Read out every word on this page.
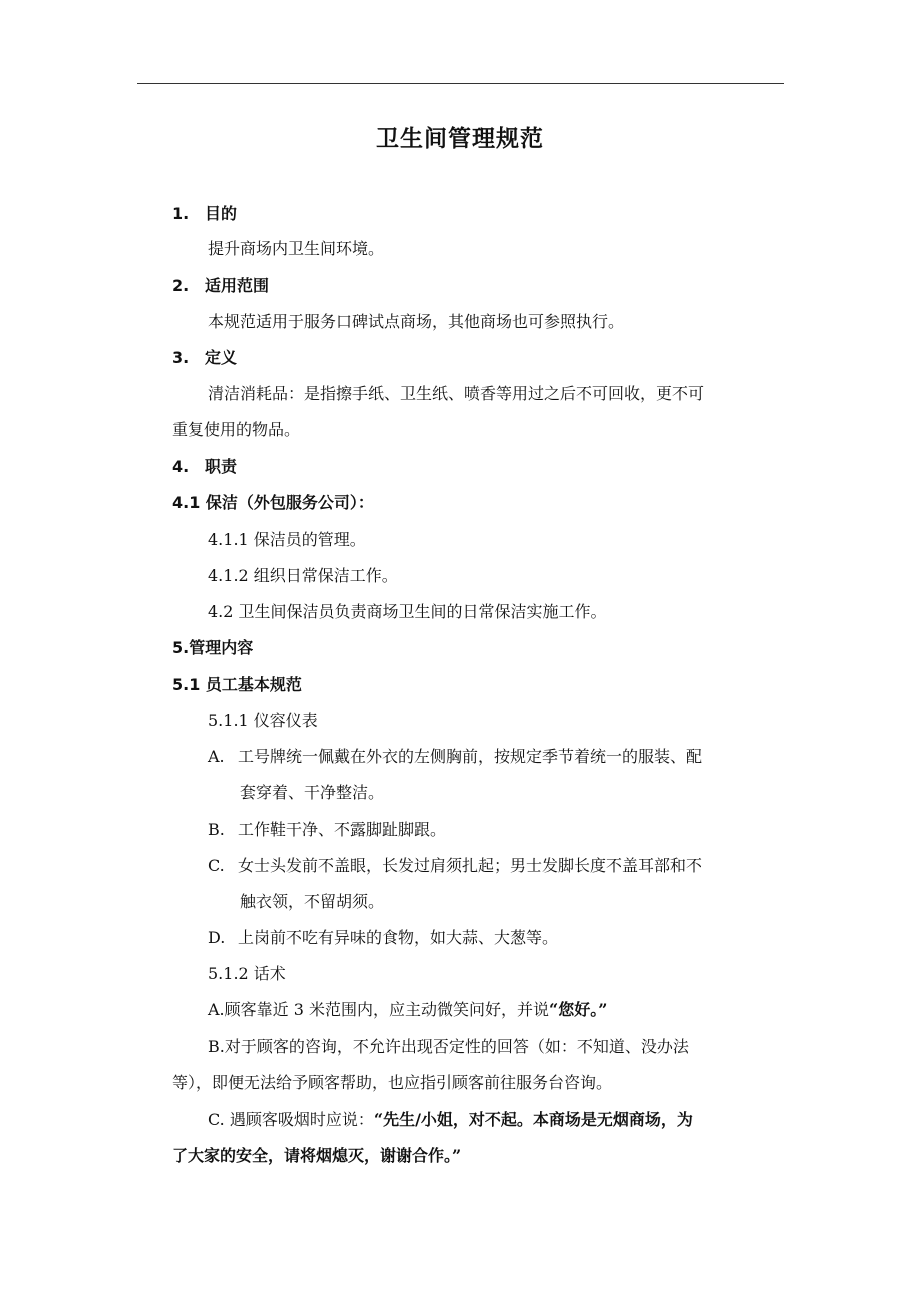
卫生间管理规范
1. 目的
提升商场内卫生间环境。
2. 适用范围
本规范适用于服务口碑试点商场，其他商场也可参照执行。
3. 定义
清洁消耗品：是指擦手纸、卫生纸、喷香等用过之后不可回收，更不可
重复使用的物品。
4. 职责
4.1 保洁（外包服务公司）：
4.1.1 保洁员的管理。
4.1.2 组织日常保洁工作。
4.2 卫生间保洁员负责商场卫生间的日常保洁实施工作。
5.管理内容
5.1 员工基本规范
5.1.1 仪容仪表
A. 工号牌统一佩戴在外衣的左侧胸前，按规定季节着统一的服装、配
套穿着、干净整洁。
B. 工作鞋干净、不露脚趾脚跟。
C. 女士头发前不盖眼，长发过肩须扎起；男士发脚长度不盖耳部和不
触衣领，不留胡须。
D. 上岗前不吃有异味的食物，如大蒜、大葱等。
5.1.2 话术
A.顾客靠近 3 米范围内，应主动微笑问好，并说“您好。”
B.对于顾客的咨询，不允许出现否定性的回答（如：不知道、没办法
等），即便无法给予顾客帮助，也应指引顾客前往服务台咨询。
C. 遇顾客吸烟时应说：“先生/小姐，对不起。本商场是无烟商场，为
了大家的安全，请将烟熄灭，谢谢合作。”
